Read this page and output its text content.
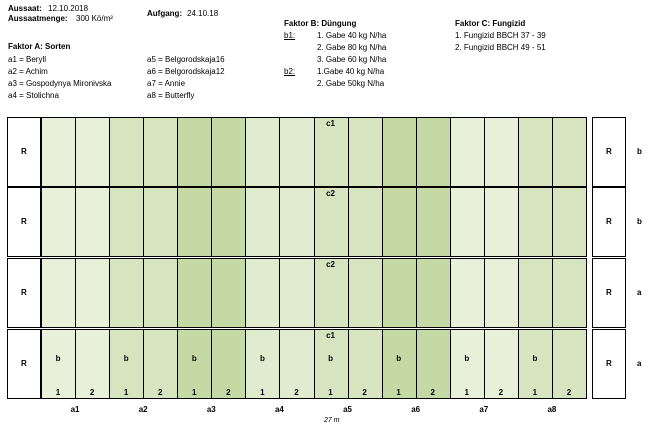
Aussaat: 12.10.2018
Aussaatmenge: 300 Kö/m²
Aufgang: 24.10.18
Faktor A: Sorten
a1 = Beryll
a2 = Achim
a3 = Gospodynya Mironivska
a4 = Stolichna
a5 = Belgorodskaja16
a6 = Belgorodskaja12
a7 = Annie
a8 = Butterfly
Faktor B: Düngung
b1:	1. Gabe 40 kg N/ha
2. Gabe 80 kg N/ha
3. Gabe 60 kg N/ha
b2:	1.Gabe 40 kg N/ha
2. Gabe 50kg N/ha
Faktor C: Fungizid
1. Fungizid BBCH 37 - 39
2. Fungizid BBCH 49 - 51
R
c1
R	b
R
c2
R	b
R
c2
R	a
R
b
1	2
b
1	2
b
1	2
b
1	2
c1
b
1	2
b
1	2
b
1	2
b
1	2
R	a
a1	a2	a3	a4	a5	a6	a7	a8
27 m
